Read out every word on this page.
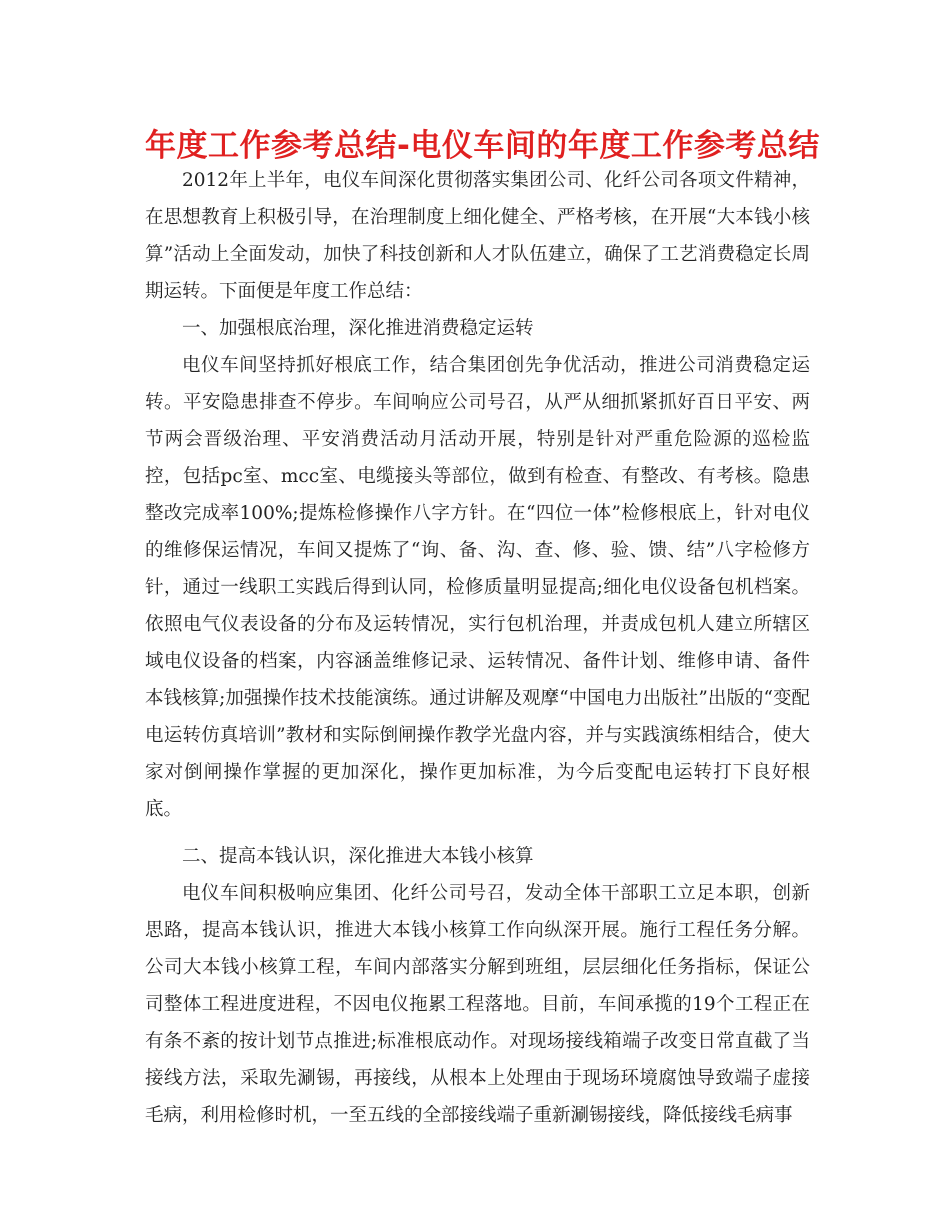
年度工作参考总结-电仪车间的年度工作参考总结

2012年上半年，电仪车间深化贯彻落实集团公司、化纤公司各项文件精神，在思想教育上积极引导，在治理制度上细化健全、严格考核，在开展“大本钱小核算”活动上全面发动，加快了科技创新和人才队伍建立，确保了工艺消费稳定长周期运转。下面便是年度工作总结：

一、加强根底治理，深化推进消费稳定运转

电仪车间坚持抓好根底工作，结合集团创先争优活动，推进公司消费稳定运转。平安隐患排查不停步。车间响应公司号召，从严从细抓紧抓好百日平安、两节两会晋级治理、平安消费活动月活动开展，特别是针对严重危险源的巡检监控，包括pc室、mcc室、电缆接头等部位，做到有检查、有整改、有考核。隐患整改完成率100%;提炼检修操作八字方针。在“四位一体”检修根底上，针对电仪的维修保运情况，车间又提炼了“询、备、沟、查、修、验、馈、结”八字检修方针，通过一线职工实践后得到认同，检修质量明显提高;细化电仪设备包机档案。依照电气仪表设备的分布及运转情况，实行包机治理，并责成包机人建立所辖区域电仪设备的档案，内容涵盖维修记录、运转情况、备件计划、维修申请、备件本钱核算;加强操作技术技能演练。通过讲解及观摩“中国电力出版社”出版的“变配电运转仿真培训”教材和实际倒闸操作教学光盘内容，并与实践演练相结合，使大家对倒闸操作掌握的更加深化，操作更加标准，为今后变配电运转打下良好根底。

二、提高本钱认识，深化推进大本钱小核算

电仪车间积极响应集团、化纤公司号召，发动全体干部职工立足本职，创新思路，提高本钱认识，推进大本钱小核算工作向纵深开展。施行工程任务分解。公司大本钱小核算工程，车间内部落实分解到班组，层层细化任务指标，保证公司整体工程进度进程，不因电仪拖累工程落地。目前，车间承揽的19个工程正在有条不紊的按计划节点推进;标准根底动作。对现场接线箱端子改变日常直截了当接线方法，采取先涮锡，再接线，从根本上处理由于现场环境腐蚀导致端子虚接毛病，利用检修时机，一至五线的全部接线端子重新涮锡接线，降低接线毛病事
